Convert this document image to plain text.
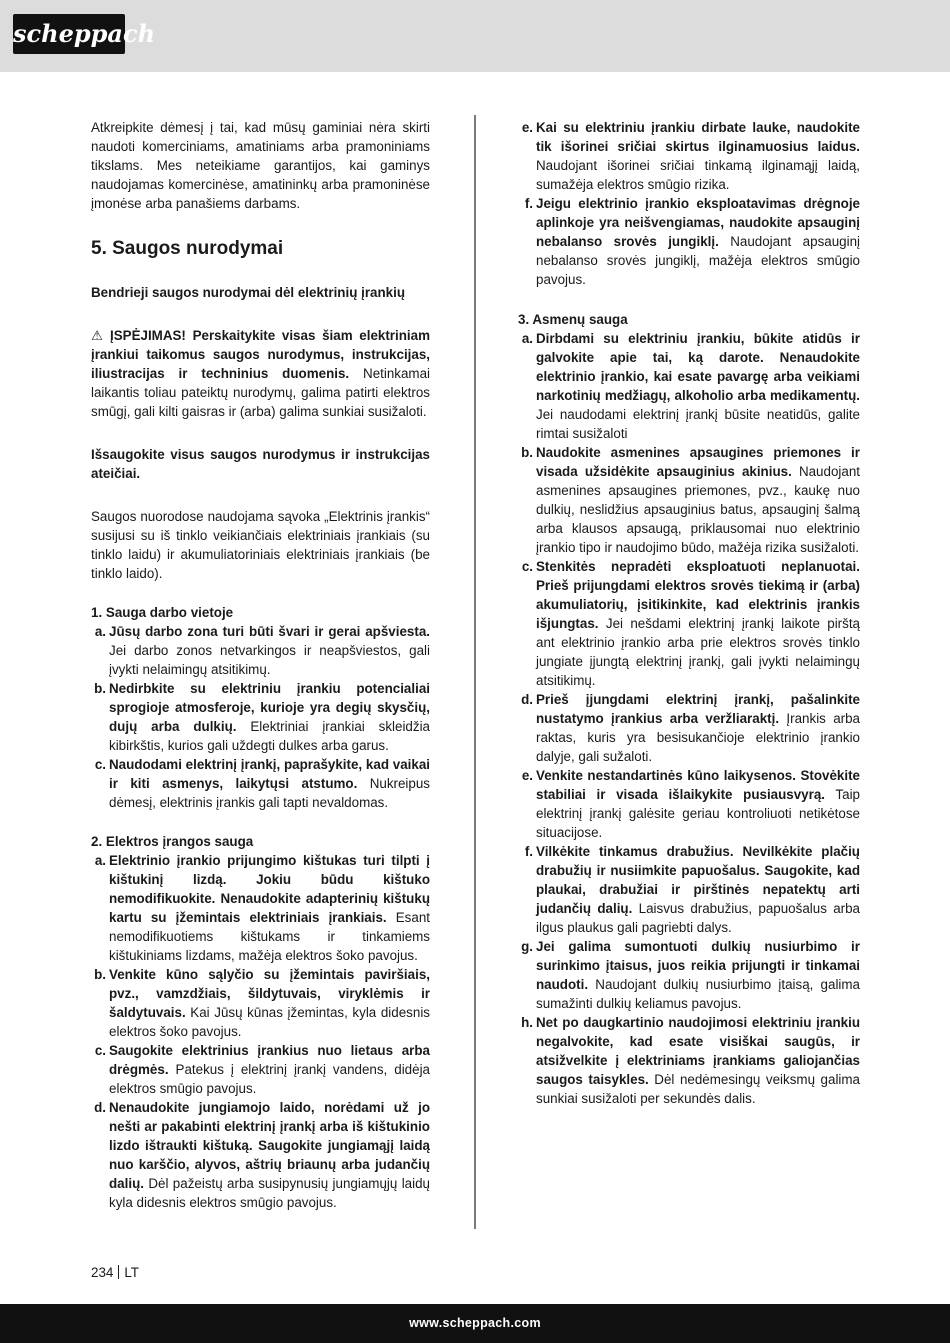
scheppach

Atkreipkite dėmesį į tai, kad mūsų gaminiai nėra skirti naudoti komerciniams, amatiniams arba pramoniniams tikslams. Mes neteikiame garantijos, kai gaminys naudojamas komercinėse, amatininkų arba pramoninėse įmonėse arba panašiems darbams.

5. Saugos nurodymai

Bendrieji saugos nurodymai dėl elektrinių įrankių

⚠ ĮSPĖJIMAS! Perskaitykite visas šiam elektriniam įrankiui taikomus saugos nurodymus, instrukcijas, iliustracijas ir techninius duomenis. Netinkamai laikantis toliau pateiktų nurodymų, galima patirti elektros smūgį, gali kilti gaisras ir (arba) galima sunkiai susižaloti.

Išsaugokite visus saugos nurodymus ir instrukcijas ateičiai.

Saugos nuorodose naudojama sąvoka „Elektrinis įrankis“ susijusi su iš tinklo veikiančiais elektriniais įrankiais (su tinklo laidu) ir akumuliatoriniais elektriniais įrankiais (be tinklo laido).

1. Sauga darbo vietoje

a. Jūsų darbo zona turi būti švari ir gerai apšviesta. Jei darbo zonos netvarkingos ir neapšviestos, gali įvykti nelaimingų atsitikimų.
b. Nedirbkite su elektriniu įrankiu potencialiai sprogioje atmosferoje, kurioje yra degių skysčių, dujų arba dulkių. Elektriniai įrankiai skleidžia kibirkštis, kurios gali uždegti dulkes arba garus.
c. Naudodami elektrinį įrankį, paprašykite, kad vaikai ir kiti asmenys, laikytųsi atstumo. Nukreipus dėmesį, elektrinis įrankis gali tapti nevaldomas.

2. Elektros įrangos sauga

a. Elektrinio įrankio prijungimo kištukas turi tilpti į kištukinį lizdą. Jokiu būdu kištuko nemodifikuokite. Nenaudokite adapterinių kištukų kartu su įžemintais elektriniais įrankiais. Esant nemodifikuotiems kištukams ir tinkamiems kištukiniams lizdams, mažėja elektros šoko pavojus.
b. Venkite kūno sąlyčio su įžemintais paviršiais, pvz., vamzdžiais, šildytuvais, viryklėmis ir šaldytuvais. Kai Jūsų kūnas įžemintas, kyla didesnis elektros šoko pavojus.
c. Saugokite elektrinius įrankius nuo lietaus arba drėgmės. Patekus į elektrinį įrankį vandens, didėja elektros smūgio pavojus.
d. Nenaudokite jungiamojo laido, norėdami už jo nešti ar pakabinti elektrinį įrankį arba iš kištukinio lizdo ištraukti kištuką. Saugokite jungiamąjį laidą nuo karščio, alyvos, aštrių briaunų arba judančių dalių. Dėl pažeistų arba susipynusių jungiamųjų laidų kyla didesnis elektros smūgio pavojus.
e. Kai su elektriniu įrankiu dirbate lauke, naudokite tik išorinei sričiai skirtus ilginamuosius laidus. Naudojant išorinei sričiai tinkamą ilginamąjį laidą, sumažėja elektros smūgio rizika.
f. Jeigu elektrinio įrankio eksploatavimas drėgnoje aplinkoje yra neišvengiamas, naudokite apsauginį nebalanso srovės jungiklį. Naudojant apsauginį nebalanso srovės jungiklį, mažėja elektros smūgio pavojus.

3. Asmenų sauga

a. Dirbdami su elektriniu įrankiu, būkite atidūs ir galvokite apie tai, ką darote. Nenaudokite elektrinio įrankio, kai esate pavargę arba veikiami narkotinių medžiagų, alkoholio arba medikamentų. Jei naudodami elektrinį įrankį būsite neatidūs, galite rimtai susižaloti
b. Naudokite asmenines apsaugines priemones ir visada užsidėkite apsauginius akinius. Naudojant asmenines apsaugines priemones, pvz., kaukę nuo dulkių, neslidžius apsauginius batus, apsauginį šalmą arba klausos apsaugą, priklausomai nuo elektrinio įrankio tipo ir naudojimo būdo, mažėja rizika susižaloti.
c. Stenkitės nepradėti eksploatuoti neplanuotai. Prieš prijungdami elektros srovės tiekimą ir (arba) akumuliatorių, įsitikinkite, kad elektrinis įrankis išjungtas. Jei nešdami elektrinį įrankį laikote pirštą ant elektrinio įrankio arba prie elektros srovės tinklo jungiate įjungtą elektrinį įrankį, gali įvykti nelaimingų atsitikimų.
d. Prieš įjungdami elektrinį įrankį, pašalinkite nustatymo įrankius arba veržliaraktį. Įrankis arba raktas, kuris yra besisukančioje elektrinio įrankio dalyje, gali sužaloti.
e. Venkite nestandartinės kūno laikysenos. Stovėkite stabiliai ir visada išlaikykite pusiausvyrą. Taip elektrinį įrankį galėsite geriau kontroliuoti netikėtose situacijose.
f. Vilkėkite tinkamus drabužius. Nevilkėkite plačių drabužių ir nusiimkite papuošalus. Saugokite, kad plaukai, drabužiai ir pirštinės nepatektų arti judančių dalių. Laisvus drabužius, papuošalus arba ilgus plaukus gali pagriebti dalys.
g. Jei galima sumontuoti dulkių nusiurbimo ir surinkimo įtaisus, juos reikia prijungti ir tinkamai naudoti. Naudojant dulkių nusiurbimo įtaisą, galima sumažinti dulkių keliamus pavojus.
h. Net po daugkartinio naudojimosi elektriniu įrankiu negalvokite, kad esate visiškai saugūs, ir atsižvelkite į elektriniams įrankiams galiojančias saugos taisykles. Dėl nedėmesingų veiksmų galima sunkiai susižaloti per sekundės dalis.
234 LT
www.scheppach.com
